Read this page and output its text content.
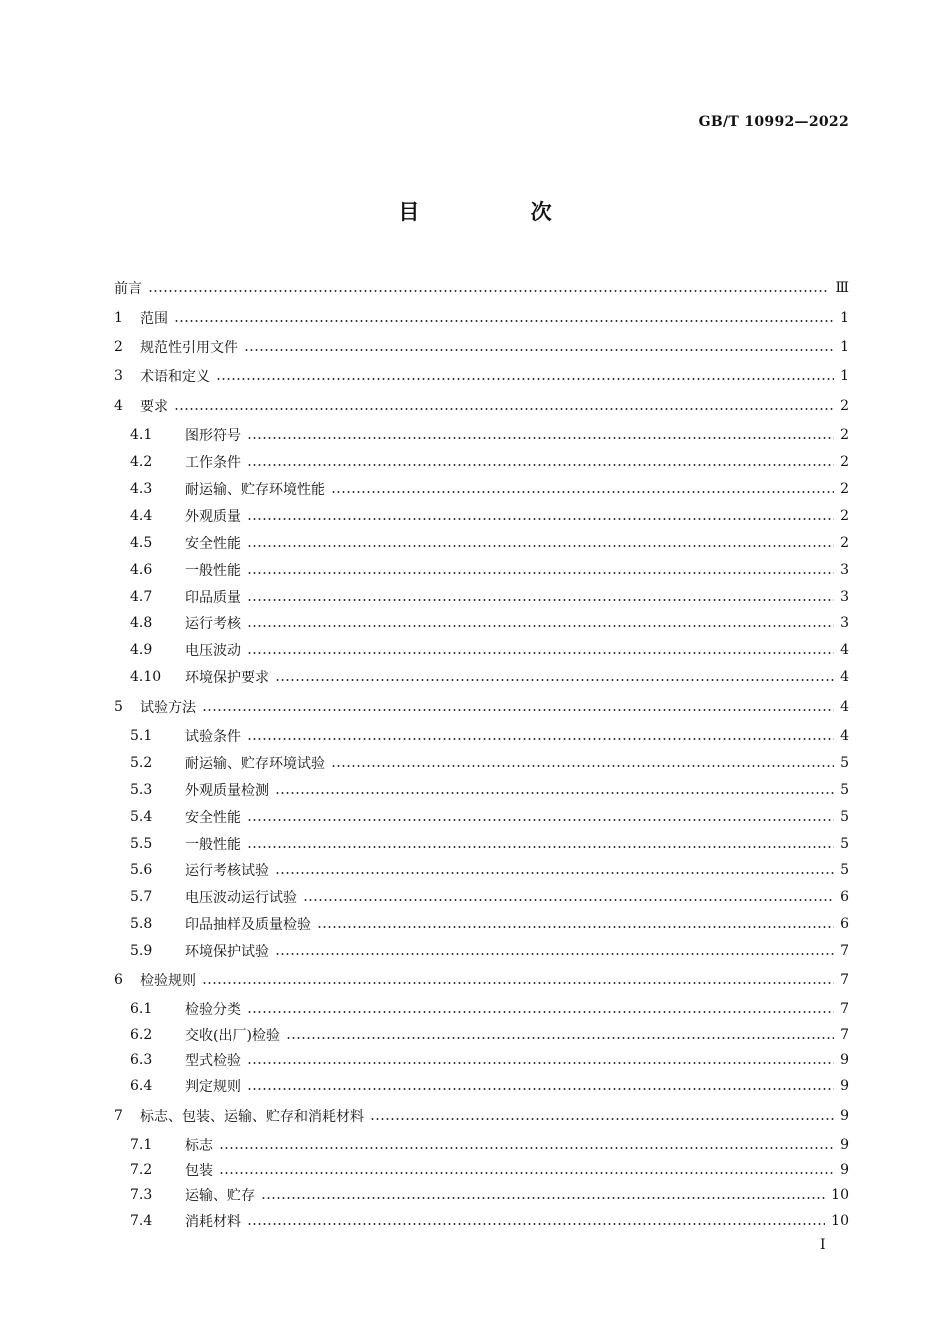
GB/T 10992—2022
目 次
前言	Ⅲ
1	范围	1
2	规范性引用文件	1
3	术语和定义	1
4	要求	2
4.1	图形符号	2
4.2	工作条件	2
4.3	耐运输、贮存环境性能	2
4.4	外观质量	2
4.5	安全性能	2
4.6	一般性能	3
4.7	印品质量	3
4.8	运行考核	3
4.9	电压波动	4
4.10	环境保护要求	4
5	试验方法	4
5.1	试验条件	4
5.2	耐运输、贮存环境试验	5
5.3	外观质量检测	5
5.4	安全性能	5
5.5	一般性能	5
5.6	运行考核试验	5
5.7	电压波动运行试验	6
5.8	印品抽样及质量检验	6
5.9	环境保护试验	7
6	检验规则	7
6.1	检验分类	7
6.2	交收(出厂)检验	7
6.3	型式检验	9
6.4	判定规则	9
7	标志、包装、运输、贮存和消耗材料	9
7.1	标志	9
7.2	包装	9
7.3	运输、贮存	10
7.4	消耗材料	10
I
